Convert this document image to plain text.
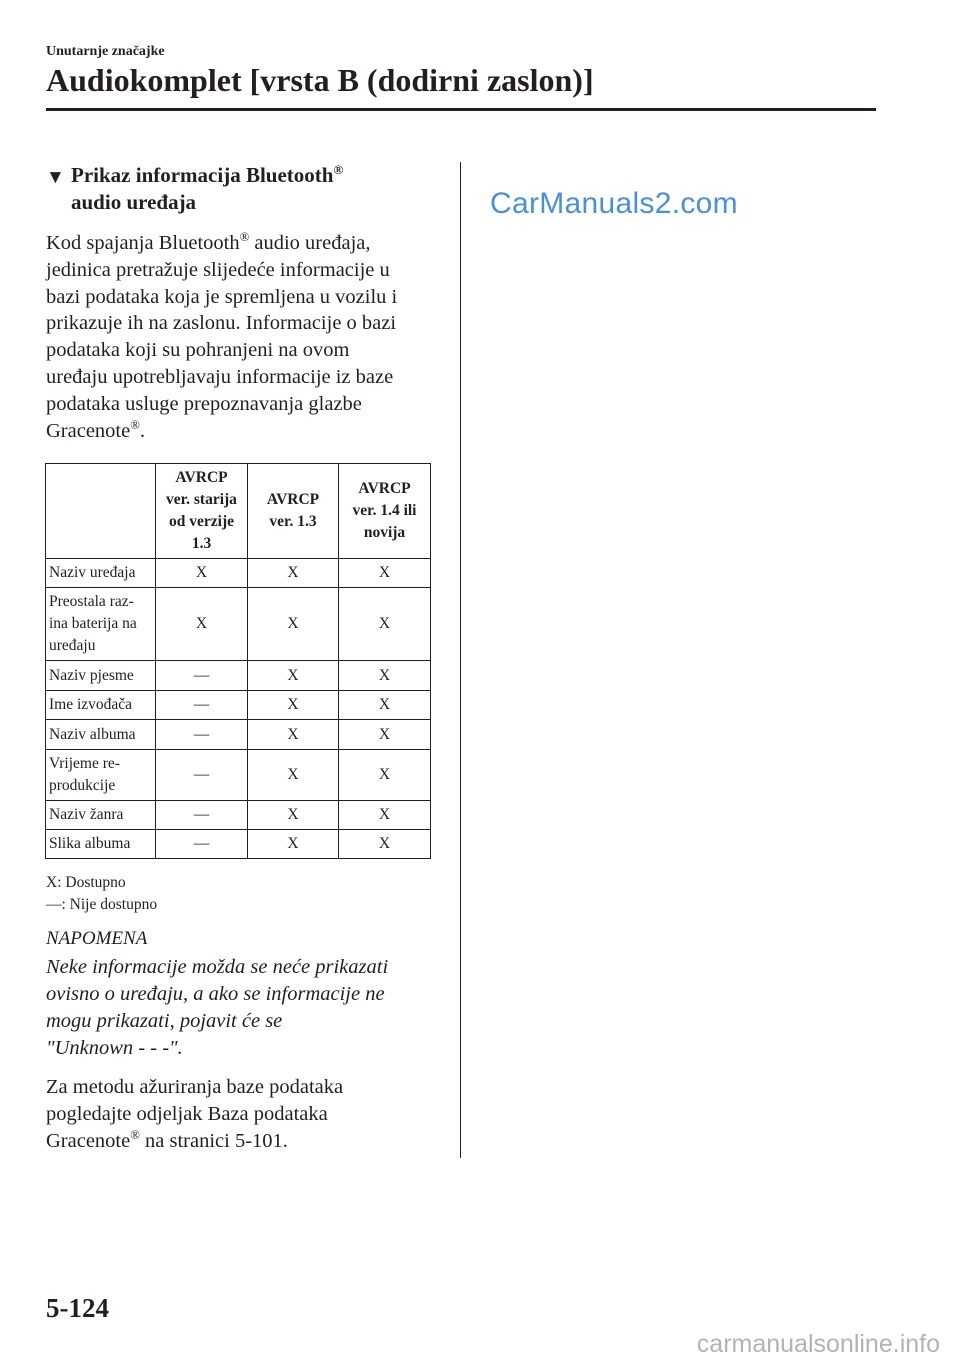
Unutarnje značajke
Audiokomplet [vrsta B (dodirni zaslon)]
▼ Prikaz informacija Bluetooth®
audio uređaja
Kod spajanja Bluetooth® audio uređaja,
jedinica pretražuje slijedeće informacije u
bazi podataka koja je spremljena u vozilu i
prikazuje ih na zaslonu. Informacije o bazi
podataka koji su pohranjeni na ovom
uređaju upotrebljavaju informacije iz baze
podataka usluge prepoznavanja glazbe
Gracenote®.
	AVRCP
ver. starija
od verzije
1.3	AVRCP
ver. 1.3	AVRCP
ver. 1.4 ili
novija
Naziv uređaja	X	X	X
Preostala raz-
ina baterija na
uređaju	X	X	X
Naziv pjesme	—	X	X
Ime izvođača	—	X	X
Naziv albuma	—	X	X
Vrijeme re-
produkcije	—	X	X
Naziv žanra	—	X	X
Slika albuma	—	X	X
X: Dostupno
—: Nije dostupno
NAPOMENA
Neke informacije možda se neće prikazati
ovisno o uređaju, a ako se informacije ne
mogu prikazati, pojavit će se
"Unknown - - -".
Za metodu ažuriranja baze podataka
pogledajte odjeljak Baza podataka
Gracenote® na stranici 5-101.
CarManuals2.com
5-124
carmanualsonline.info
